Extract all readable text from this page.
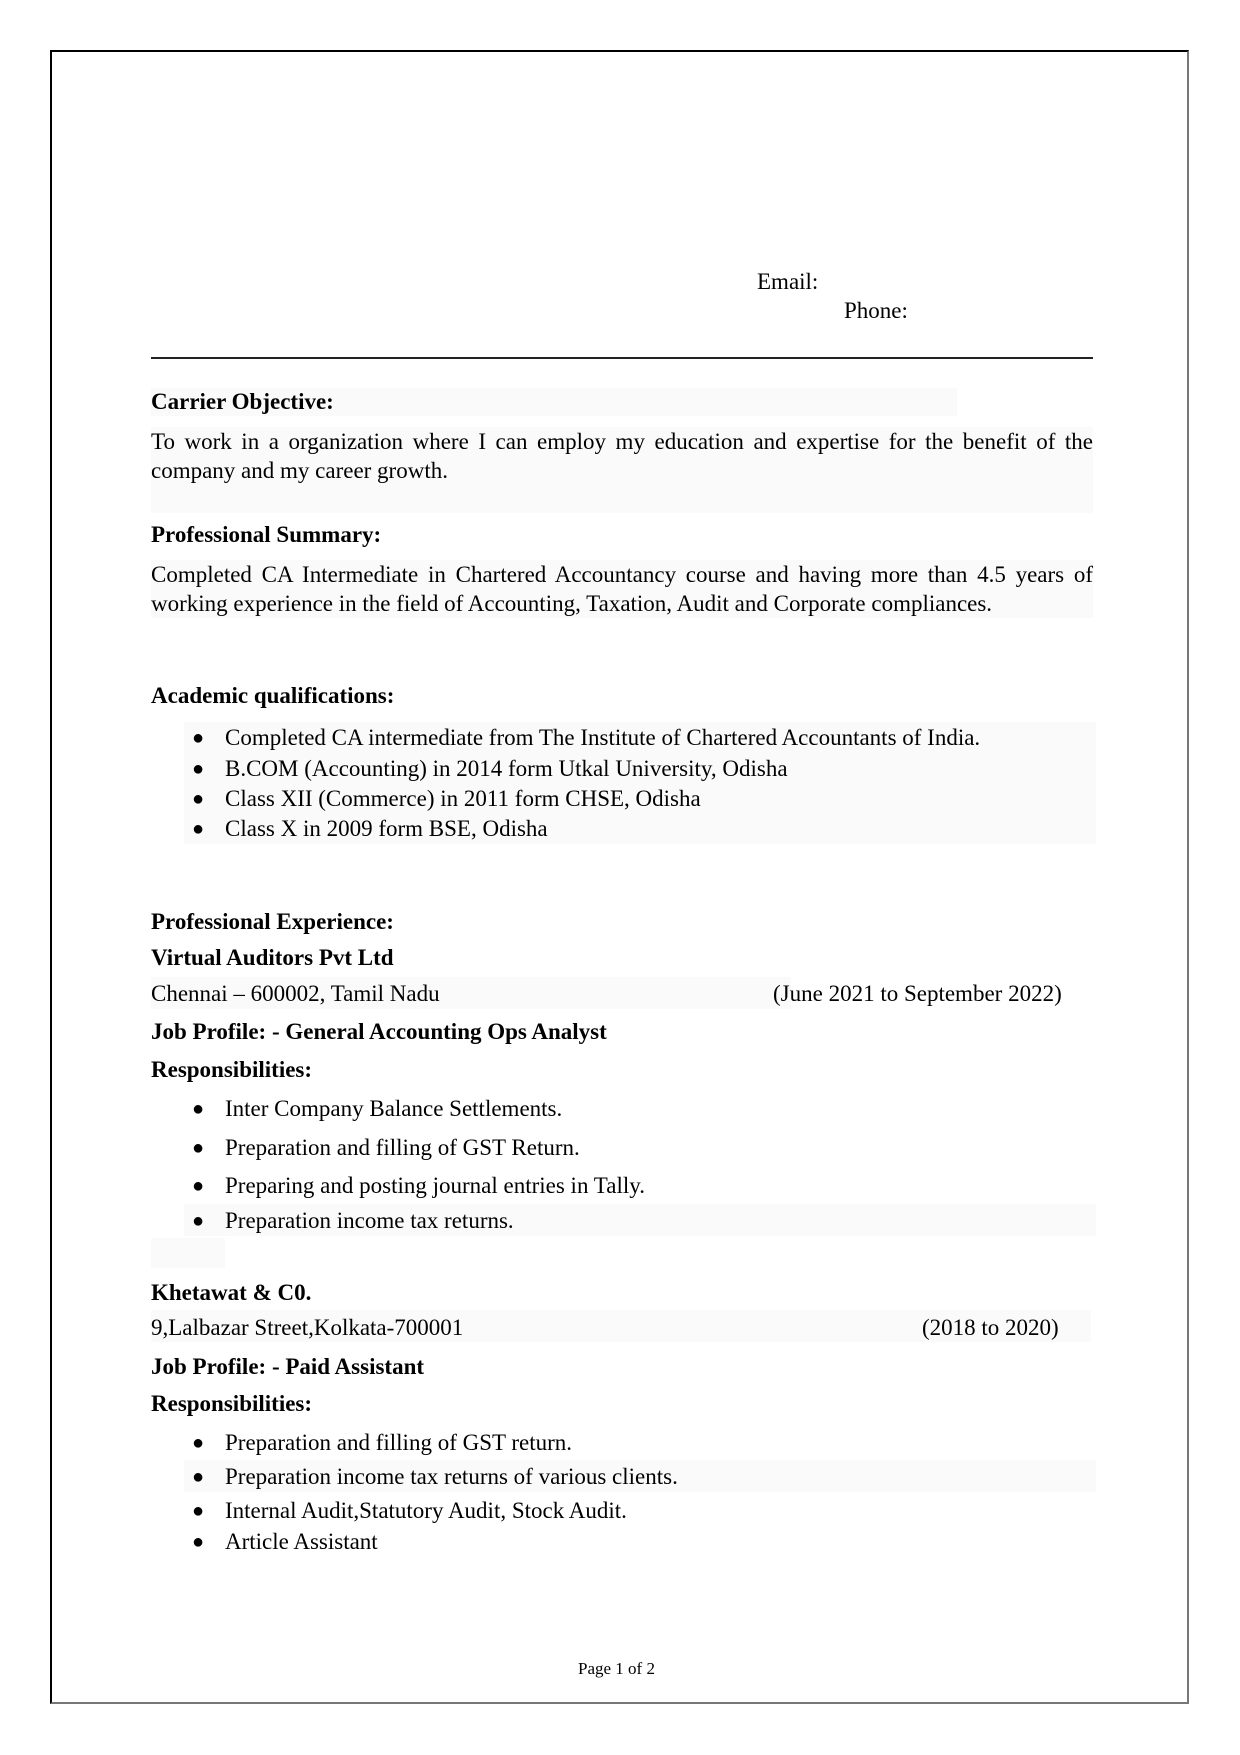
Email:
Phone:
Carrier Objective:
To work in a organization where I can employ my education and expertise for the benefit of the company and my career growth.
Professional Summary:
Completed CA Intermediate in Chartered Accountancy course and having more than 4.5 years of working experience in the field of Accounting, Taxation, Audit and Corporate compliances.
Academic qualifications:
● Completed CA intermediate from The Institute of Chartered Accountants of India.
● B.COM (Accounting) in 2014 form Utkal University, Odisha
● Class XII (Commerce) in 2011 form CHSE, Odisha
● Class X in 2009 form BSE, Odisha
Professional Experience:
Virtual Auditors Pvt Ltd
Chennai – 600002, Tamil Nadu	(June 2021 to September 2022)
Job Profile: - General Accounting Ops Analyst
Responsibilities:
● Inter Company Balance Settlements.
● Preparation and filling of GST Return.
● Preparing and posting journal entries in Tally.
● Preparation income tax returns.
Khetawat & C0.
9,Lalbazar Street,Kolkata-700001	(2018 to 2020)
Job Profile: - Paid Assistant
Responsibilities:
● Preparation and filling of GST return.
● Preparation income tax returns of various clients.
● Internal Audit,Statutory Audit, Stock Audit.
● Article Assistant
Page 1 of 2
